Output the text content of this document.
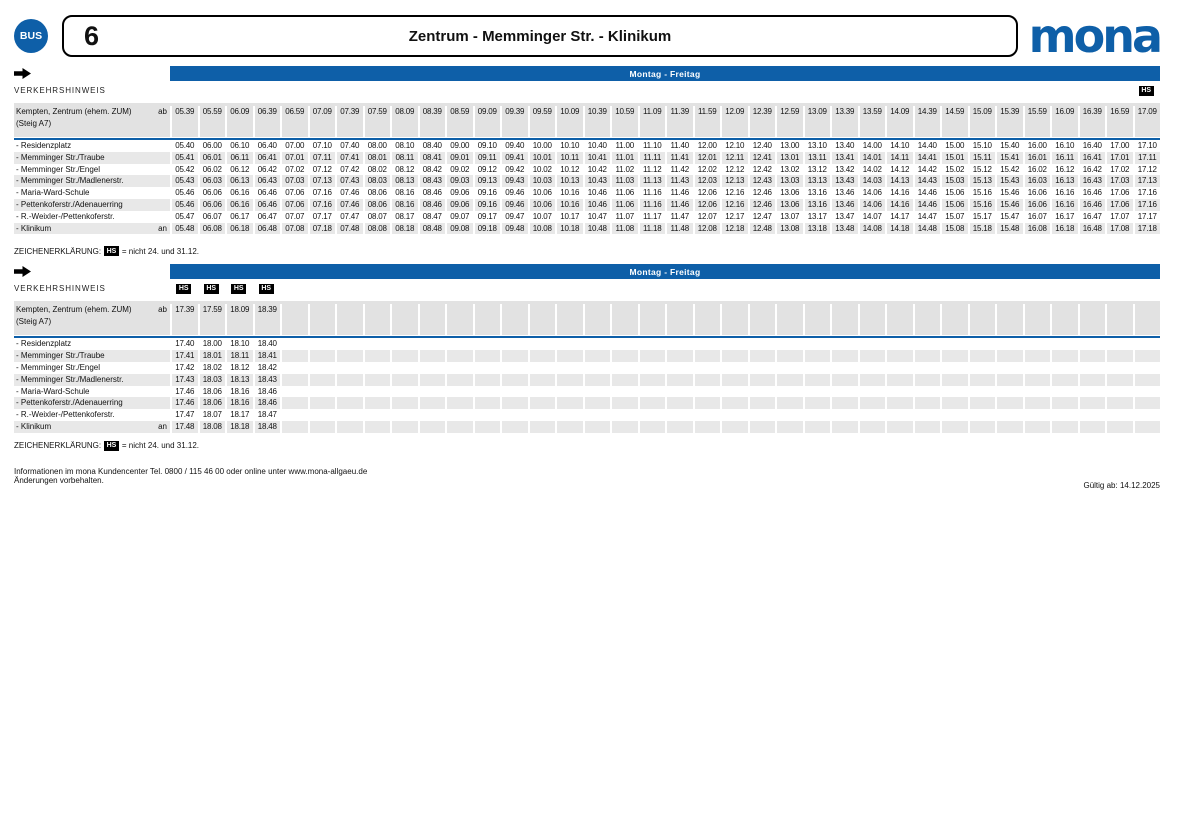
BUS 6	Zentrum - Memminger Str. - Klinikum	mona
Montag - Freitag
VERKEHRSHINWEIS	HS
Kempten, Zentrum (ehem. ZUM)
(Steig A7)
ab	05.39	05.59	06.09	06.39	06.59	07.09	07.39	07.59	08.09	08.39	08.59	09.09	09.39	09.59	10.09	10.39	10.59	11.09	11.39	11.59	12.09	12.39	12.59	13.09	13.39	13.59	14.09	14.39	14.59	15.09	15.39	15.59	16.09	16.39	16.59	17.09
- Residenzplatz	05.40	06.00	06.10	06.40	07.00	07.10	07.40	08.00	08.10	08.40	09.00	09.10	09.40	10.00	10.10	10.40	11.00	11.10	11.40	12.00	12.10	12.40	13.00	13.10	13.40	14.00	14.10	14.40	15.00	15.10	15.40	16.00	16.10	16.40	17.00	17.10
- Memminger Str./Traube	05.41	06.01	06.11	06.41	07.01	07.11	07.41	08.01	08.11	08.41	09.01	09.11	09.41	10.01	10.11	10.41	11.01	11.11	11.41	12.01	12.11	12.41	13.01	13.11	13.41	14.01	14.11	14.41	15.01	15.11	15.41	16.01	16.11	16.41	17.01	17.11
- Memminger Str./Engel	05.42	06.02	06.12	06.42	07.02	07.12	07.42	08.02	08.12	08.42	09.02	09.12	09.42	10.02	10.12	10.42	11.02	11.12	11.42	12.02	12.12	12.42	13.02	13.12	13.42	14.02	14.12	14.42	15.02	15.12	15.42	16.02	16.12	16.42	17.02	17.12
- Memminger Str./Madlenerstr.	05.43	06.03	06.13	06.43	07.03	07.13	07.43	08.03	08.13	08.43	09.03	09.13	09.43	10.03	10.13	10.43	11.03	11.13	11.43	12.03	12.13	12.43	13.03	13.13	13.43	14.03	14.13	14.43	15.03	15.13	15.43	16.03	16.13	16.43	17.03	17.13
- Maria-Ward-Schule	05.46	06.06	06.16	06.46	07.06	07.16	07.46	08.06	08.16	08.46	09.06	09.16	09.46	10.06	10.16	10.46	11.06	11.16	11.46	12.06	12.16	12.46	13.06	13.16	13.46	14.06	14.16	14.46	15.06	15.16	15.46	16.06	16.16	16.46	17.06	17.16
- Pettenkoferstr./Adenauerring	05.46	06.06	06.16	06.46	07.06	07.16	07.46	08.06	08.16	08.46	09.06	09.16	09.46	10.06	10.16	10.46	11.06	11.16	11.46	12.06	12.16	12.46	13.06	13.16	13.46	14.06	14.16	14.46	15.06	15.16	15.46	16.06	16.16	16.46	17.06	17.16
- R.-Weixler-/Pettenkoferstr.	05.47	06.07	06.17	06.47	07.07	07.17	07.47	08.07	08.17	08.47	09.07	09.17	09.47	10.07	10.17	10.47	11.07	11.17	11.47	12.07	12.17	12.47	13.07	13.17	13.47	14.07	14.17	14.47	15.07	15.17	15.47	16.07	16.17	16.47	17.07	17.17
- Klinikum	an	05.48	06.08	06.18	06.48	07.08	07.18	07.48	08.08	08.18	08.48	09.08	09.18	09.48	10.08	10.18	10.48	11.08	11.18	11.48	12.08	12.18	12.48	13.08	13.18	13.48	14.08	14.18	14.48	15.08	15.18	15.48	16.08	16.18	16.48	17.08	17.18
ZEICHENERKLÄRUNG: HS = nicht 24. und 31.12.
Montag - Freitag
VERKEHRSHINWEIS	HS	HS	HS	HS
Kempten, Zentrum (ehem. ZUM)
(Steig A7)
ab	17.39	17.59	18.09	18.39
- Residenzplatz	17.40	18.00	18.10	18.40
- Memminger Str./Traube	17.41	18.01	18.11	18.41
- Memminger Str./Engel	17.42	18.02	18.12	18.42
- Memminger Str./Madlenerstr.	17.43	18.03	18.13	18.43
- Maria-Ward-Schule	17.46	18.06	18.16	18.46
- Pettenkoferstr./Adenauerring	17.46	18.06	18.16	18.46
- R.-Weixler-/Pettenkoferstr.	17.47	18.07	18.17	18.47
- Klinikum	an	17.48	18.08	18.18	18.48
ZEICHENERKLÄRUNG: HS = nicht 24. und 31.12.
Informationen im mona Kundencenter Tel. 0800 / 115 46 00 oder online unter www.mona-allgaeu.de
Änderungen vorbehalten.	Gültig ab: 14.12.2025
